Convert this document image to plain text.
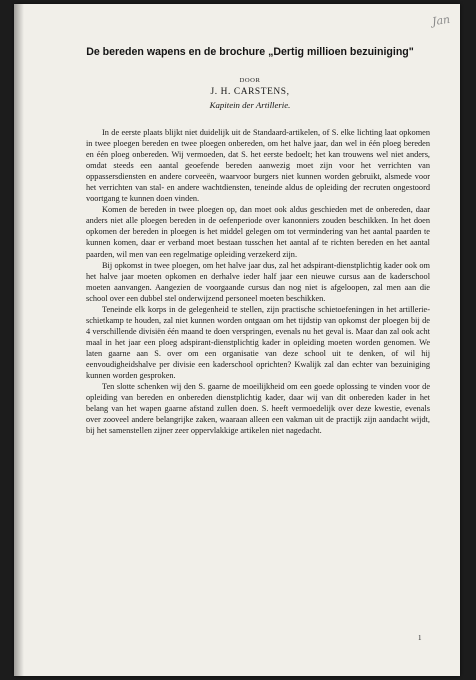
Jan
De bereden wapens en de brochure „Dertig millioen bezuiniging"
DOOR
J. H. CARSTENS,
Kapitein der Artillerie.

In de eerste plaats blijkt niet duidelijk uit de Standaard-artikelen, of S. elke lichting laat opkomen in twee ploegen bereden en twee ploegen onbereden, om het halve jaar, dan wel in één ploeg bereden en één ploeg onbereden. Wij vermoeden, dat S. het eerste bedoelt; het kan trouwens wel niet anders, omdat steeds een aantal geoefende bereden aanwezig moet zijn voor het verrichten van oppassersdiensten en andere corveeën, waarvoor burgers niet kunnen worden gebruikt, alsmede voor het verrichten van stal- en andere wachtdiensten, teneinde aldus de opleiding der recruten ongestoord voortgang te kunnen doen vinden.

Komen de bereden in twee ploegen op, dan moet ook aldus geschieden met de onbereden, daar anders niet alle ploegen bereden in de oefenperiode over kanonniers zouden beschikken. In het doen opkomen der bereden in ploegen is het middel gelegen om tot vermindering van het aantal paarden te kunnen komen, daar er verband moet bestaan tusschen het aantal af te richten bereden en het aantal paarden, wil men van een regelmatige opleiding verzekerd zijn.

Bij opkomst in twee ploegen, om het halve jaar dus, zal het adspirant-dienstplichtig kader ook om het halve jaar moeten opkomen en derhalve ieder half jaar een nieuwe cursus aan de kaderschool moeten aanvangen. Aangezien de voorgaande cursus dan nog niet is afgeloopen, zal men aan die school over een dubbel stel onderwijzend personeel moeten beschikken.

Teneinde elk korps in de gelegenheid te stellen, zijn practische schietoefeningen in het artillerie-schietkamp te houden, zal niet kunnen worden ontgaan om het tijdstip van opkomst der ploegen bij de 4 verschillende divisiën één maand te doen verspringen, evenals nu het geval is. Maar dan zal ook acht maal in het jaar een ploeg adspirant-dienstplichtig kader in opleiding moeten worden genomen. We laten gaarne aan S. over om een organisatie van deze school uit te denken, of wil hij eenvoudigheidshalve per divisie een kaderschool oprichten? Kwalijk zal dan echter van bezuiniging kunnen worden gesproken.

Ten slotte schenken wij den S. gaarne de moeilijkheid om een goede oplossing te vinden voor de opleiding van bereden en onbereden dienstplichtig kader, daar wij van dit onbereden kader in het belang van het wapen gaarne afstand zullen doen. S. heeft vermoedelijk over deze kwestie, evenals over zooveel andere belangrijke zaken, waaraan alleen een vakman uit de practijk zijn aandacht wijdt, bij het samenstellen zijner zeer oppervlakkige artikelen niet nagedacht.

1
